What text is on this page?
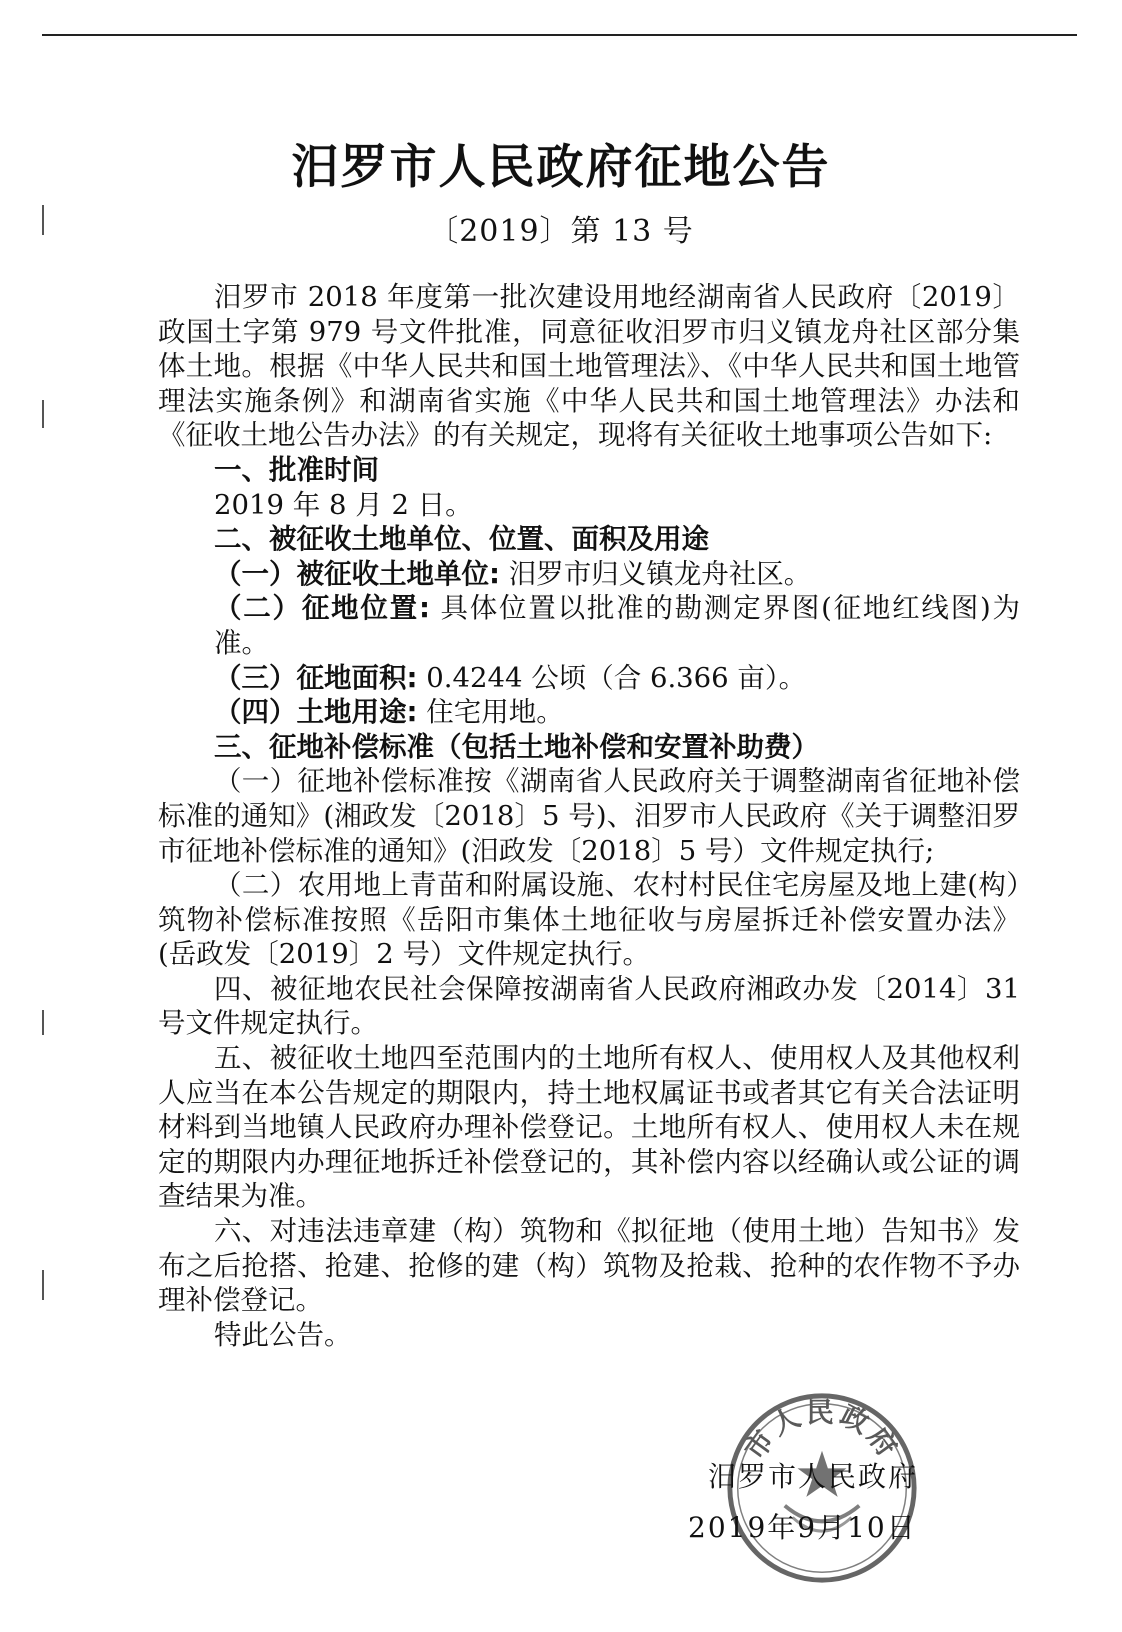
汨罗市人民政府征地公告
〔2019〕第 13 号

汨罗市 2018 年度第一批次建设用地经湖南省人民政府〔2019〕政国土字第 979 号文件批准，同意征收汨罗市归义镇龙舟社区部分集体土地。根据《中华人民共和国土地管理法》、《中华人民共和国土地管理法实施条例》和湖南省实施《中华人民共和国土地管理法》办法和《征收土地公告办法》的有关规定，现将有关征收土地事项公告如下:

一、批准时间

2019 年 8 月 2 日。

二、被征收土地单位、位置、面积及用途

（一）被征收土地单位: 汨罗市归义镇龙舟社区。

（二）征地位置: 具体位置以批准的勘测定界图(征地红线图)为准。

（三）征地面积: 0.4244 公顷（合 6.366 亩）。

（四）土地用途: 住宅用地。

三、征地补偿标准（包括土地补偿和安置补助费）

（一）征地补偿标准按《湖南省人民政府关于调整湖南省征地补偿标准的通知》(湘政发〔2018〕5 号)、汨罗市人民政府《关于调整汨罗市征地补偿标准的通知》(汨政发〔2018〕5 号）文件规定执行;

（二）农用地上青苗和附属设施、农村村民住宅房屋及地上建(构）筑物补偿标准按照《岳阳市集体土地征收与房屋拆迁补偿安置办法》(岳政发〔2019〕2 号）文件规定执行。

四、被征地农民社会保障按湖南省人民政府湘政办发〔2014〕31 号文件规定执行。

五、被征收土地四至范围内的土地所有权人、使用权人及其他权利人应当在本公告规定的期限内，持土地权属证书或者其它有关合法证明材料到当地镇人民政府办理补偿登记。土地所有权人、使用权人未在规定的期限内办理征地拆迁补偿登记的，其补偿内容以经确认或公证的调查结果为准。

六、对违法违章建（构）筑物和《拟征地（使用土地）告知书》发布之后抢搭、抢建、抢修的建（构）筑物及抢栽、抢种的农作物不予办理补偿登记。

特此公告。

市人民政府
汨罗市人民政府
2019年9月10日
